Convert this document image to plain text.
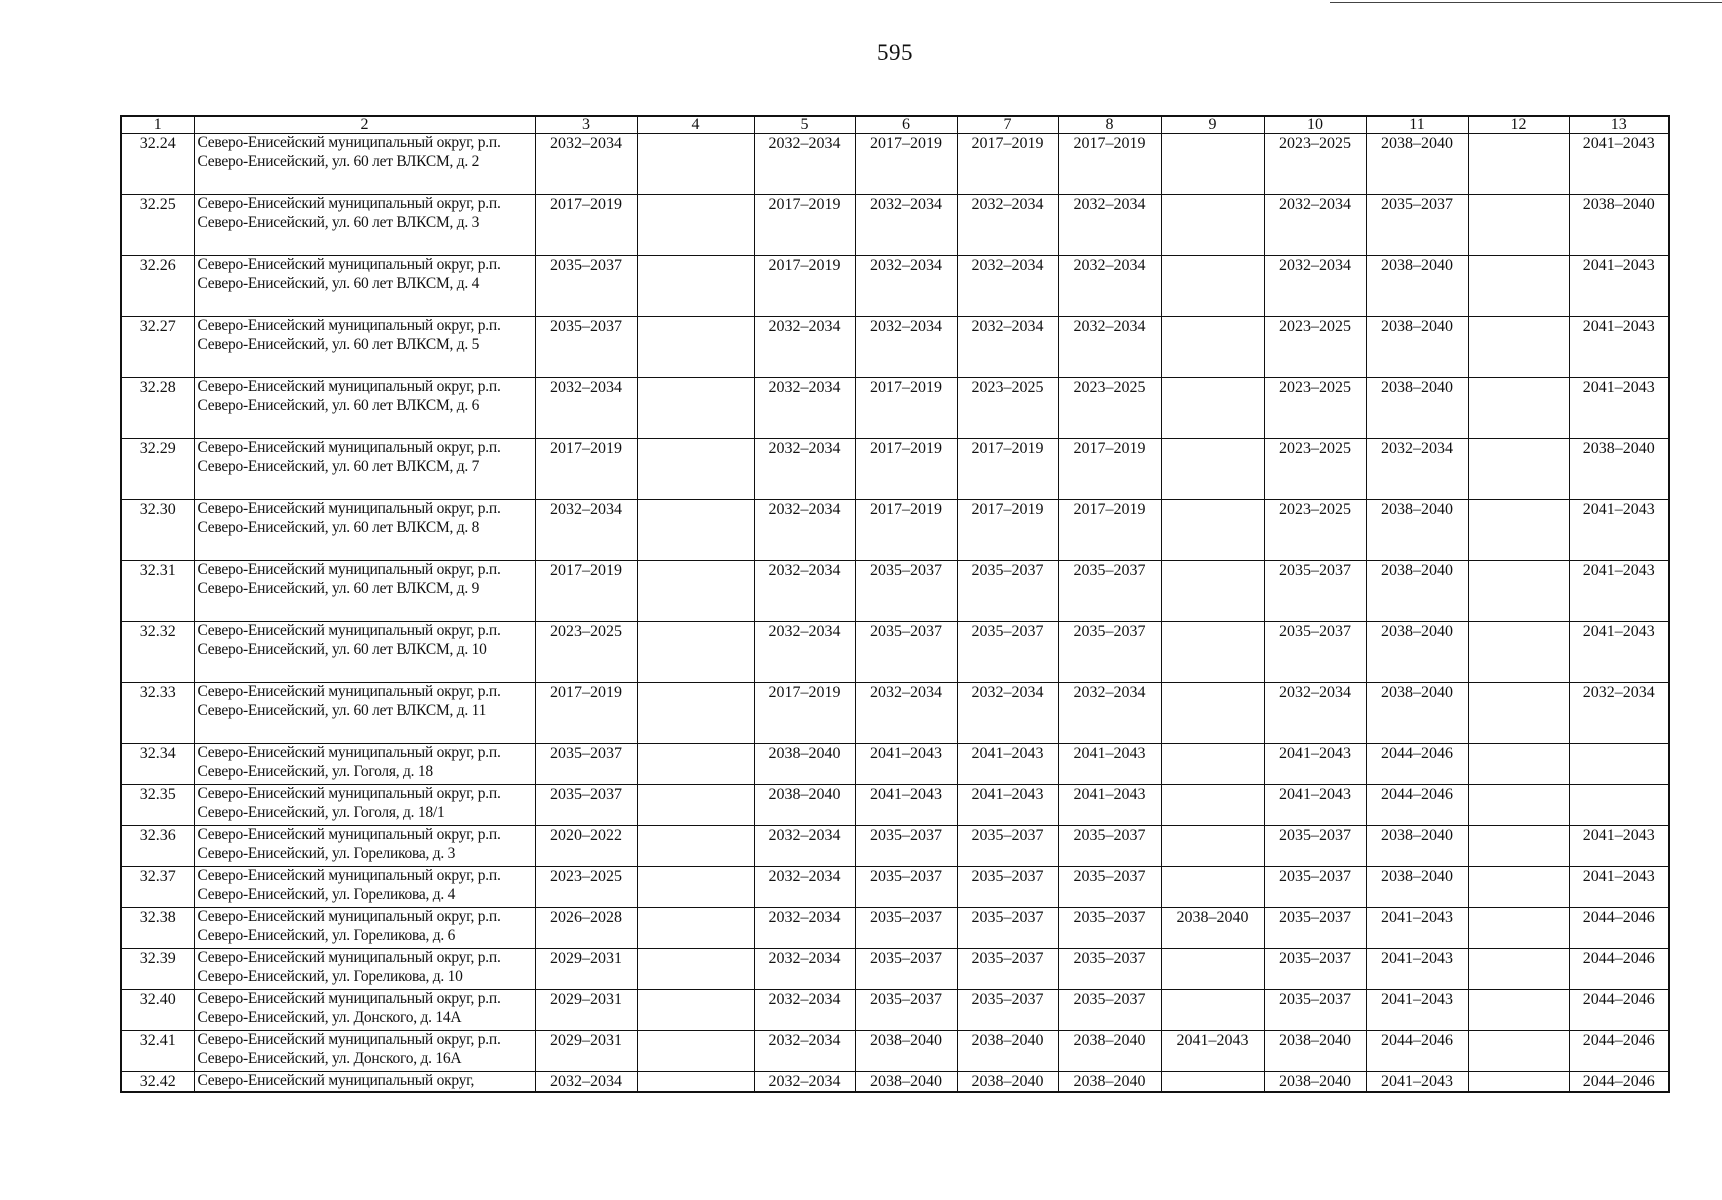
595
1	2	3	4	5	6	7	8	9	10	11	12	13
32.24	Северо-Енисейский муниципальный округ, р.п. Северо-Енисейский, ул. 60 лет ВЛКСМ, д. 2	2032–2034		2032–2034	2017–2019	2017–2019	2017–2019		2023–2025	2038–2040		2041–2043
32.25	Северо-Енисейский муниципальный округ, р.п. Северо-Енисейский, ул. 60 лет ВЛКСМ, д. 3	2017–2019		2017–2019	2032–2034	2032–2034	2032–2034		2032–2034	2035–2037		2038–2040
32.26	Северо-Енисейский муниципальный округ, р.п. Северо-Енисейский, ул. 60 лет ВЛКСМ, д. 4	2035–2037		2017–2019	2032–2034	2032–2034	2032–2034		2032–2034	2038–2040		2041–2043
32.27	Северо-Енисейский муниципальный округ, р.п. Северо-Енисейский, ул. 60 лет ВЛКСМ, д. 5	2035–2037		2032–2034	2032–2034	2032–2034	2032–2034		2023–2025	2038–2040		2041–2043
32.28	Северо-Енисейский муниципальный округ, р.п. Северо-Енисейский, ул. 60 лет ВЛКСМ, д. 6	2032–2034		2032–2034	2017–2019	2023–2025	2023–2025		2023–2025	2038–2040		2041–2043
32.29	Северо-Енисейский муниципальный округ, р.п. Северо-Енисейский, ул. 60 лет ВЛКСМ, д. 7	2017–2019		2032–2034	2017–2019	2017–2019	2017–2019		2023–2025	2032–2034		2038–2040
32.30	Северо-Енисейский муниципальный округ, р.п. Северо-Енисейский, ул. 60 лет ВЛКСМ, д. 8	2032–2034		2032–2034	2017–2019	2017–2019	2017–2019		2023–2025	2038–2040		2041–2043
32.31	Северо-Енисейский муниципальный округ, р.п. Северо-Енисейский, ул. 60 лет ВЛКСМ, д. 9	2017–2019		2032–2034	2035–2037	2035–2037	2035–2037		2035–2037	2038–2040		2041–2043
32.32	Северо-Енисейский муниципальный округ, р.п. Северо-Енисейский, ул. 60 лет ВЛКСМ, д. 10	2023–2025		2032–2034	2035–2037	2035–2037	2035–2037		2035–2037	2038–2040		2041–2043
32.33	Северо-Енисейский муниципальный округ, р.п. Северо-Енисейский, ул. 60 лет ВЛКСМ, д. 11	2017–2019		2017–2019	2032–2034	2032–2034	2032–2034		2032–2034	2038–2040		2032–2034
32.34	Северо-Енисейский муниципальный округ, р.п. Северо-Енисейский, ул. Гоголя, д. 18	2035–2037		2038–2040	2041–2043	2041–2043	2041–2043		2041–2043	2044–2046		
32.35	Северо-Енисейский муниципальный округ, р.п. Северо-Енисейский, ул. Гоголя, д. 18/1	2035–2037		2038–2040	2041–2043	2041–2043	2041–2043		2041–2043	2044–2046		
32.36	Северо-Енисейский муниципальный округ, р.п. Северо-Енисейский, ул. Гореликова, д. 3	2020–2022		2032–2034	2035–2037	2035–2037	2035–2037		2035–2037	2038–2040		2041–2043
32.37	Северо-Енисейский муниципальный округ, р.п. Северо-Енисейский, ул. Гореликова, д. 4	2023–2025		2032–2034	2035–2037	2035–2037	2035–2037		2035–2037	2038–2040		2041–2043
32.38	Северо-Енисейский муниципальный округ, р.п. Северо-Енисейский, ул. Гореликова, д. 6	2026–2028		2032–2034	2035–2037	2035–2037	2035–2037	2038–2040	2035–2037	2041–2043		2044–2046
32.39	Северо-Енисейский муниципальный округ, р.п. Северо-Енисейский, ул. Гореликова, д. 10	2029–2031		2032–2034	2035–2037	2035–2037	2035–2037		2035–2037	2041–2043		2044–2046
32.40	Северо-Енисейский муниципальный округ, р.п. Северо-Енисейский, ул. Донского, д. 14А	2029–2031		2032–2034	2035–2037	2035–2037	2035–2037		2035–2037	2041–2043		2044–2046
32.41	Северо-Енисейский муниципальный округ, р.п. Северо-Енисейский, ул. Донского, д. 16А	2029–2031		2032–2034	2038–2040	2038–2040	2038–2040	2041–2043	2038–2040	2044–2046		2044–2046
32.42	Северо-Енисейский муниципальный округ,	2032–2034		2032–2034	2038–2040	2038–2040	2038–2040		2038–2040	2041–2043		2044–2046
